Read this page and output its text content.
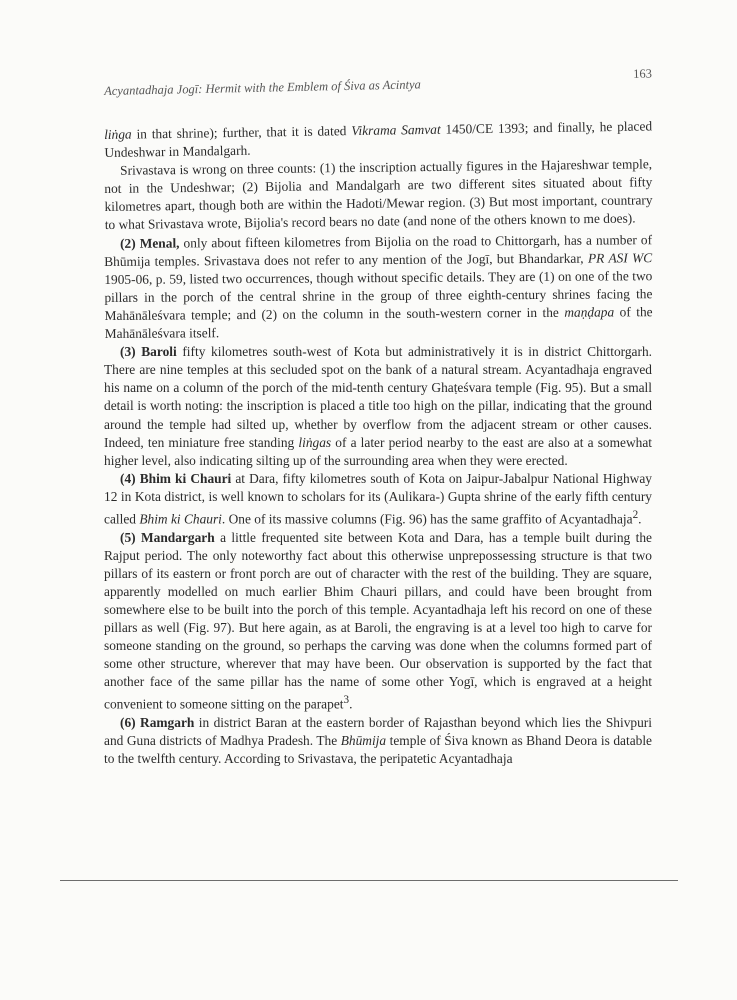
Acyantadhaja Jogī: Hermit with the Emblem of Śiva as Acintya
163

liṅga in that shrine); further, that it is dated Vikrama Samvat 1450/CE 1393; and finally, he placed Undeshwar in Mandalgarh.

Srivastava is wrong on three counts: (1) the inscription actually figures in the Hajareshwar temple, not in the Undeshwar; (2) Bijolia and Mandalgarh are two different sites situated about fifty kilometres apart, though both are within the Hadoti/Mewar region. (3) But most important, countrary to what Srivastava wrote, Bijolia's record bears no date (and none of the others known to me does).

(2) Menal, only about fifteen kilometres from Bijolia on the road to Chittorgarh, has a number of Bhūmija temples. Srivastava does not refer to any mention of the Jogī, but Bhandarkar, PR ASI WC 1905-06, p. 59, listed two occurrences, though without specific details. They are (1) on one of the two pillars in the porch of the central shrine in the group of three eighth-century shrines facing the Mahānāleśvara temple; and (2) on the column in the south-western corner in the maṇḍapa of the Mahānāleśvara itself.

(3) Baroli fifty kilometres south-west of Kota but administratively it is in district Chittorgarh. There are nine temples at this secluded spot on the bank of a natural stream. Acyantadhaja engraved his name on a column of the porch of the mid-tenth century Ghaṭeśvara temple (Fig. 95). But a small detail is worth noting: the inscription is placed a title too high on the pillar, indicating that the ground around the temple had silted up, whether by overflow from the adjacent stream or other causes. Indeed, ten miniature free standing liṅgas of a later period nearby to the east are also at a somewhat higher level, also indicating silting up of the surrounding area when they were erected.

(4) Bhim ki Chauri at Dara, fifty kilometres south of Kota on Jaipur-Jabalpur National Highway 12 in Kota district, is well known to scholars for its (Aulikara-) Gupta shrine of the early fifth century called Bhim ki Chauri. One of its massive columns (Fig. 96) has the same graffito of Acyantadhaja$^2$.

(5) Mandargarh a little frequented site between Kota and Dara, has a temple built during the Rajput period. The only noteworthy fact about this otherwise unprepossessing structure is that two pillars of its eastern or front porch are out of character with the rest of the building. They are square, apparently modelled on much earlier Bhim Chauri pillars, and could have been brought from somewhere else to be built into the porch of this temple. Acyantadhaja left his record on one of these pillars as well (Fig. 97). But here again, as at Baroli, the engraving is at a level too high to carve for someone standing on the ground, so perhaps the carving was done when the columns formed part of some other structure, wherever that may have been. Our observation is supported by the fact that another face of the same pillar has the name of some other Yogī, which is engraved at a height convenient to someone sitting on the parapet$^3$.

(6) Ramgarh in district Baran at the eastern border of Rajasthan beyond which lies the Shivpuri and Guna districts of Madhya Pradesh. The Bhūmija temple of Śiva known as Bhand Deora is datable to the twelfth century. According to Srivastava, the peripatetic Acyantadhaja
